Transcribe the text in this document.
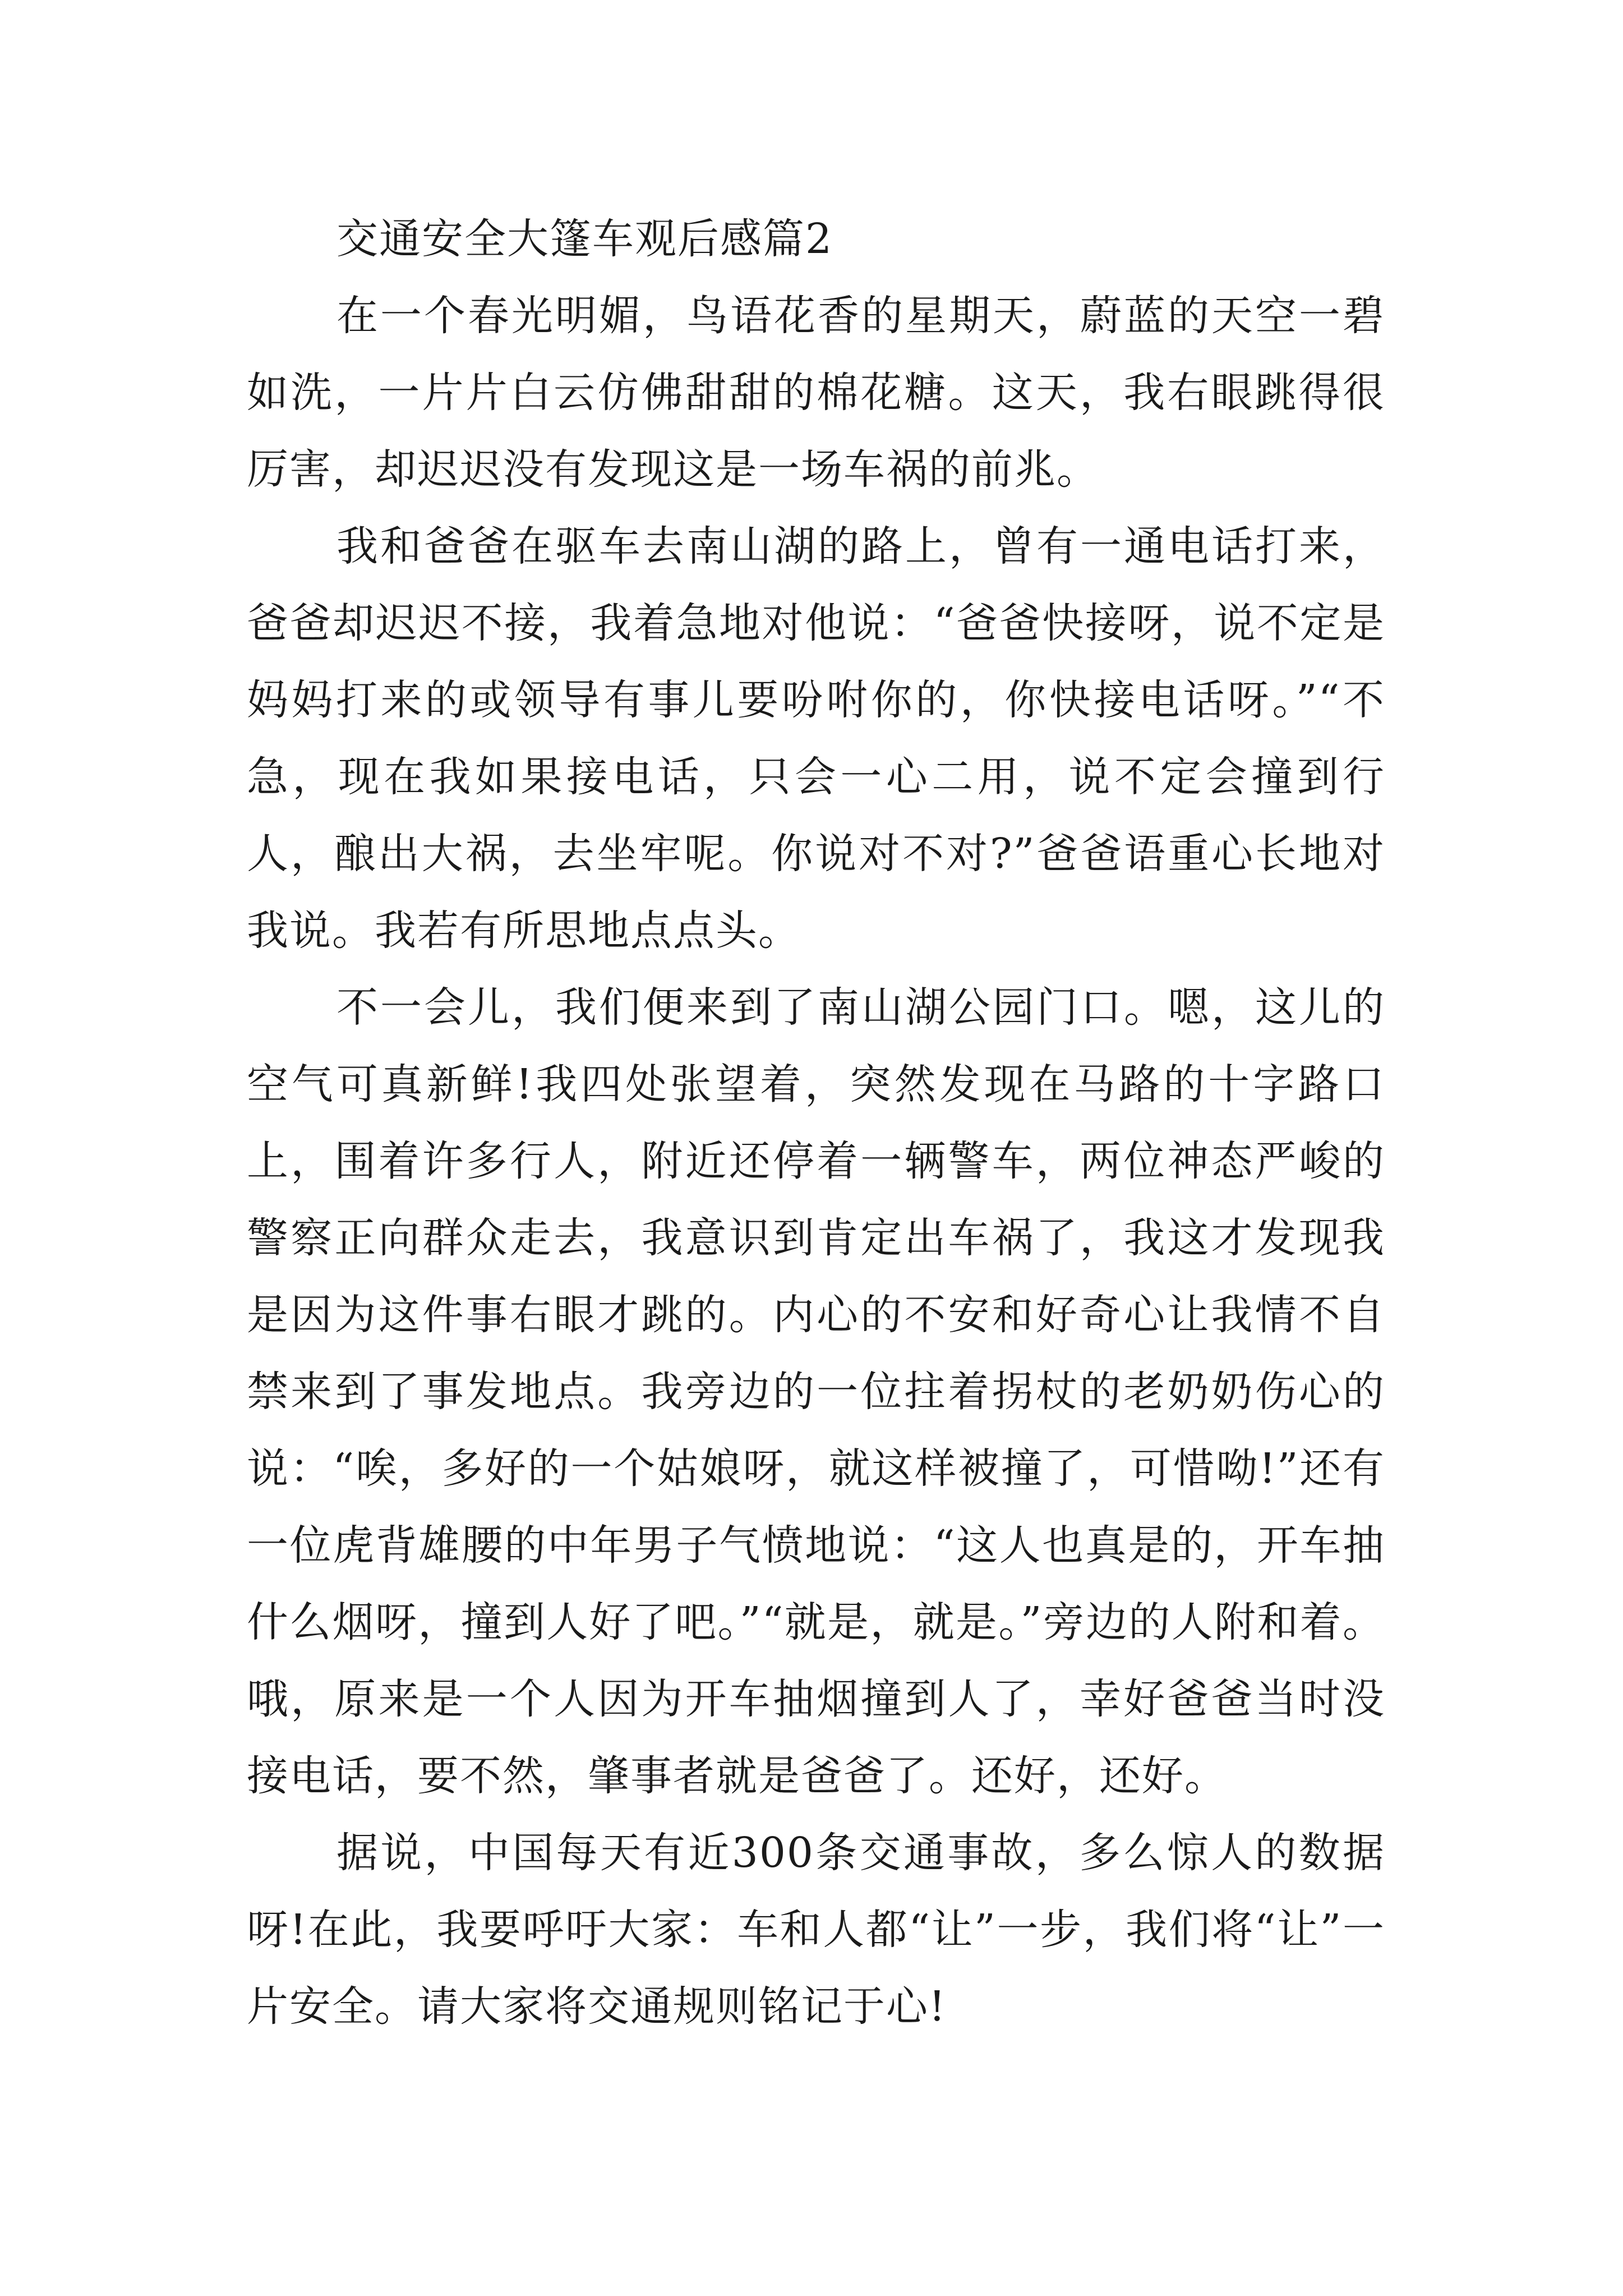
交通安全大篷车观后感篇2

在一个春光明媚，鸟语花香的星期天，蔚蓝的天空一碧如洗，一片片白云仿佛甜甜的棉花糖。这天，我右眼跳得很厉害，却迟迟没有发现这是一场车祸的前兆。

我和爸爸在驱车去南山湖的路上，曾有一通电话打来，爸爸却迟迟不接，我着急地对他说：“爸爸快接呀，说不定是妈妈打来的或领导有事儿要吩咐你的，你快接电话呀。”“不急，现在我如果接电话，只会一心二用，说不定会撞到行人，酿出大祸，去坐牢呢。你说对不对?”爸爸语重心长地对我说。我若有所思地点点头。

不一会儿，我们便来到了南山湖公园门口。嗯，这儿的空气可真新鲜!我四处张望着，突然发现在马路的十字路口上，围着许多行人，附近还停着一辆警车，两位神态严峻的警察正向群众走去，我意识到肯定出车祸了，我这才发现我是因为这件事右眼才跳的。内心的不安和好奇心让我情不自禁来到了事发地点。我旁边的一位拄着拐杖的老奶奶伤心的说：“唉，多好的一个姑娘呀，就这样被撞了，可惜呦!”还有一位虎背雄腰的中年男子气愤地说：“这人也真是的，开车抽什么烟呀，撞到人好了吧。”“就是，就是。”旁边的人附和着。哦，原来是一个人因为开车抽烟撞到人了，幸好爸爸当时没接电话，要不然，肇事者就是爸爸了。还好，还好。

据说，中国每天有近300条交通事故，多么惊人的数据呀!在此，我要呼吁大家：车和人都“让”一步，我们将“让”一片安全。请大家将交通规则铭记于心!
